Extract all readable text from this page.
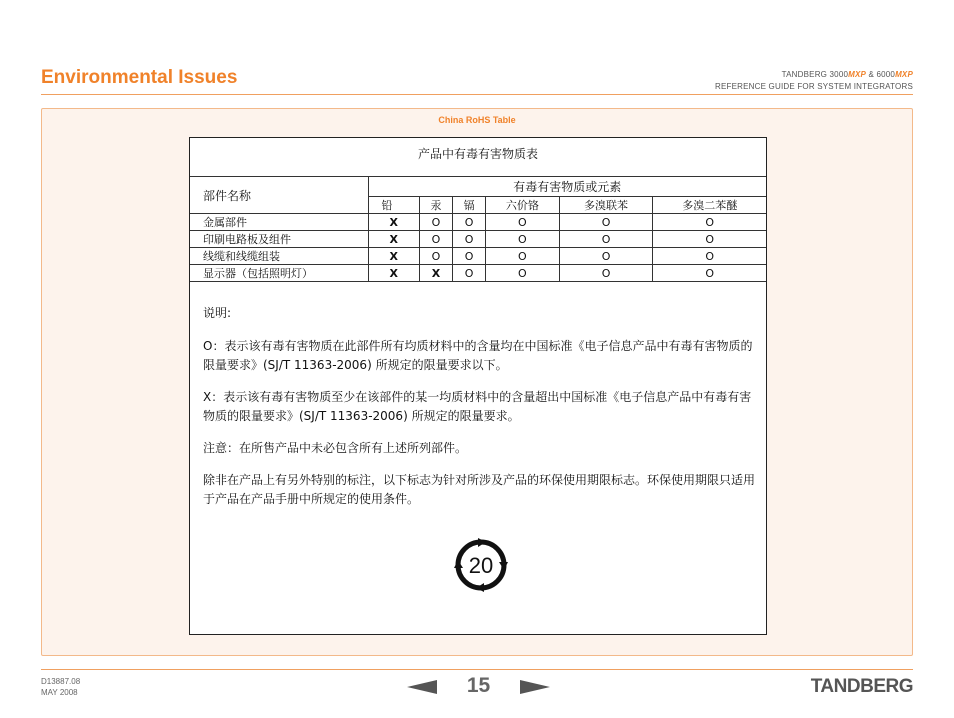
Environmental Issues	TANDBERG 3000MXP & 6000MXP
REFERENCE GUIDE FOR SYSTEM INTEGRATORS
China RoHS Table
产品中有毒有害物质表
部件名称	有毒有害物质或元素					
	铅	汞	镉	六价铬	多溴联苯	多溴二苯醚
金属部件	X	O	O	O	O	O
印刷电路板及组件	X	O	O	O	O	O
线缆和线缆组装	X	O	O	O	O	O
显示器（包括照明灯）	X	X	O	O	O	O
说明:

O：表示该有毒有害物质在此部件所有均质材料中的含量均在中国标准《电子信息产品中有毒有害物质的限量要求》(SJ/T 11363-2006) 所规定的限量要求以下。

X：表示该有毒有害物质至少在该部件的某一均质材料中的含量超出中国标准《电子信息产品中有毒有害物质的限量要求》(SJ/T 11363-2006) 所规定的限量要求。

注意：在所售产品中未必包含所有上述所列部件。

除非在产品上有另外特别的标注，以下标志为针对所涉及产品的环保使用期限标志。环保使用期限只适用于产品在产品手册中所规定的使用条件。

20
D13887.08
MAY 2008	15	TANDBERG
